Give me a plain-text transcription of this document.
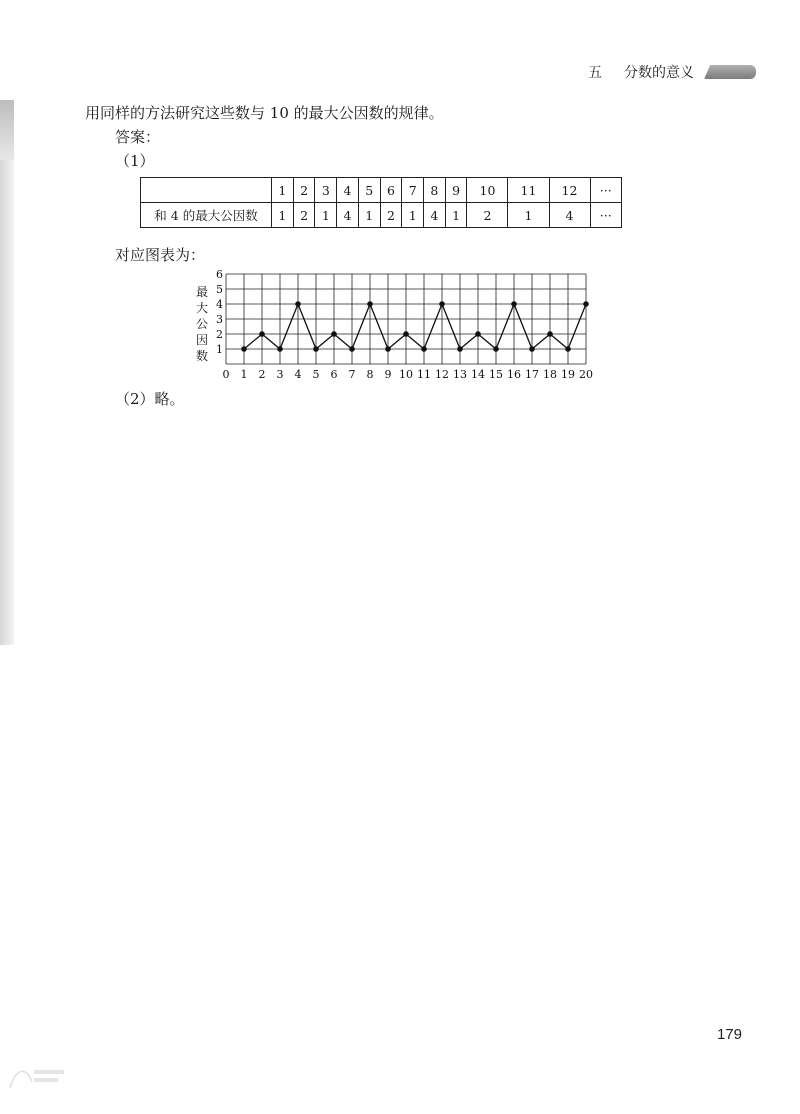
五 分数的意义
用同样的方法研究这些数与 10 的最大公因数的规律。
答案：
（1）
	1	2	3	4	5	6	7	8	9	10	11	12	···
和 4 的最大公因数	1	2	1	4	1	2	1	4	1	2	1	4	···
对应图表为：
1
2
3
4
5
6
0 1 2 3 4 5 6 7 8 9 10 11 12 13 14 15 16 17 18 19 20
最
大
公
因
数
（2）略。
179
